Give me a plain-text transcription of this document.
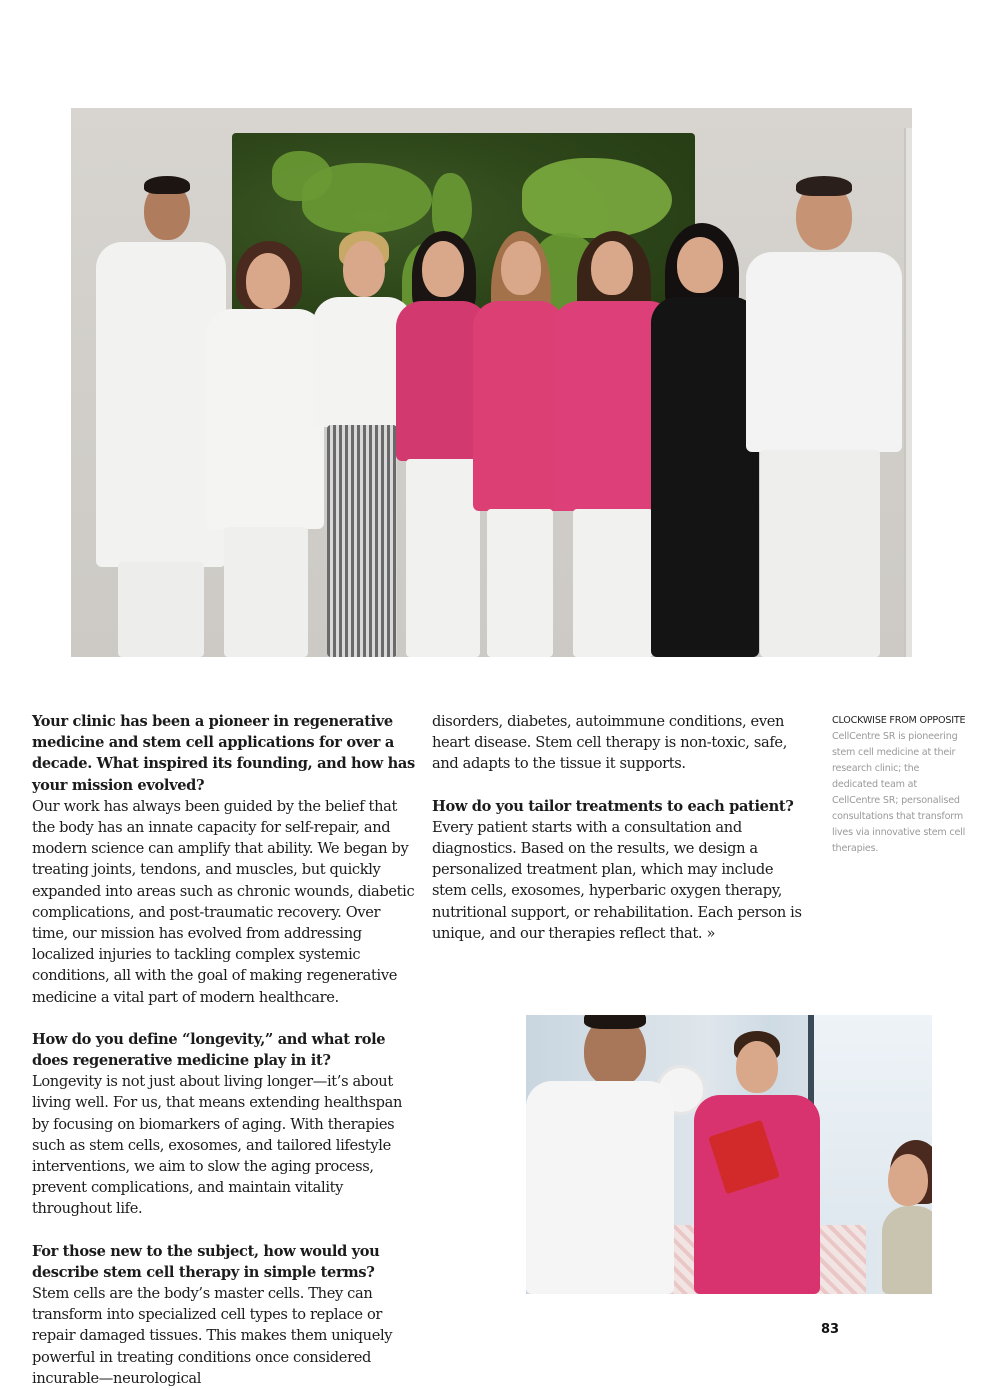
Your clinic has been a pioneer in regenerative medicine and stem cell applications for over a decade. What inspired its founding, and how has your mission evolved?

Our work has always been guided by the belief that the body has an innate capacity for self-repair, and modern science can amplify that ability. We began by treating joints, tendons, and muscles, but quickly expanded into areas such as chronic wounds, diabetic complications, and post-traumatic recovery. Over time, our mission has evolved from addressing localized injuries to tackling complex systemic conditions, all with the goal of making regenerative medicine a vital part of modern healthcare.

How do you define “longevity,” and what role does regenerative medicine play in it?

Longevity is not just about living longer—it’s about living well. For us, that means extending healthspan by focusing on biomarkers of aging. With therapies such as stem cells, exosomes, and tailored lifestyle interventions, we aim to slow the aging process, prevent complications, and maintain vitality throughout life.

For those new to the subject, how would you describe stem cell therapy in simple terms?

Stem cells are the body’s master cells. They can transform into specialized cell types to replace or repair damaged tissues. This makes them uniquely powerful in treating conditions once considered incurable—neurological

disorders, diabetes, autoimmune conditions, even heart disease. Stem cell therapy is non-toxic, safe, and adapts to the tissue it supports.

How do you tailor treatments to each patient?

Every patient starts with a consultation and diagnostics. Based on the results, we design a personalized treatment plan, which may include stem cells, exosomes, hyperbaric oxygen therapy, nutritional support, or rehabilitation. Each person is unique, and our therapies reflect that. »

CLOCKWISE FROM OPPOSITE CellCentre SR is pioneering stem cell medicine at their research clinic; the dedicated team at CellCentre SR; personalised consultations that transform lives via innovative stem cell therapies.
83
